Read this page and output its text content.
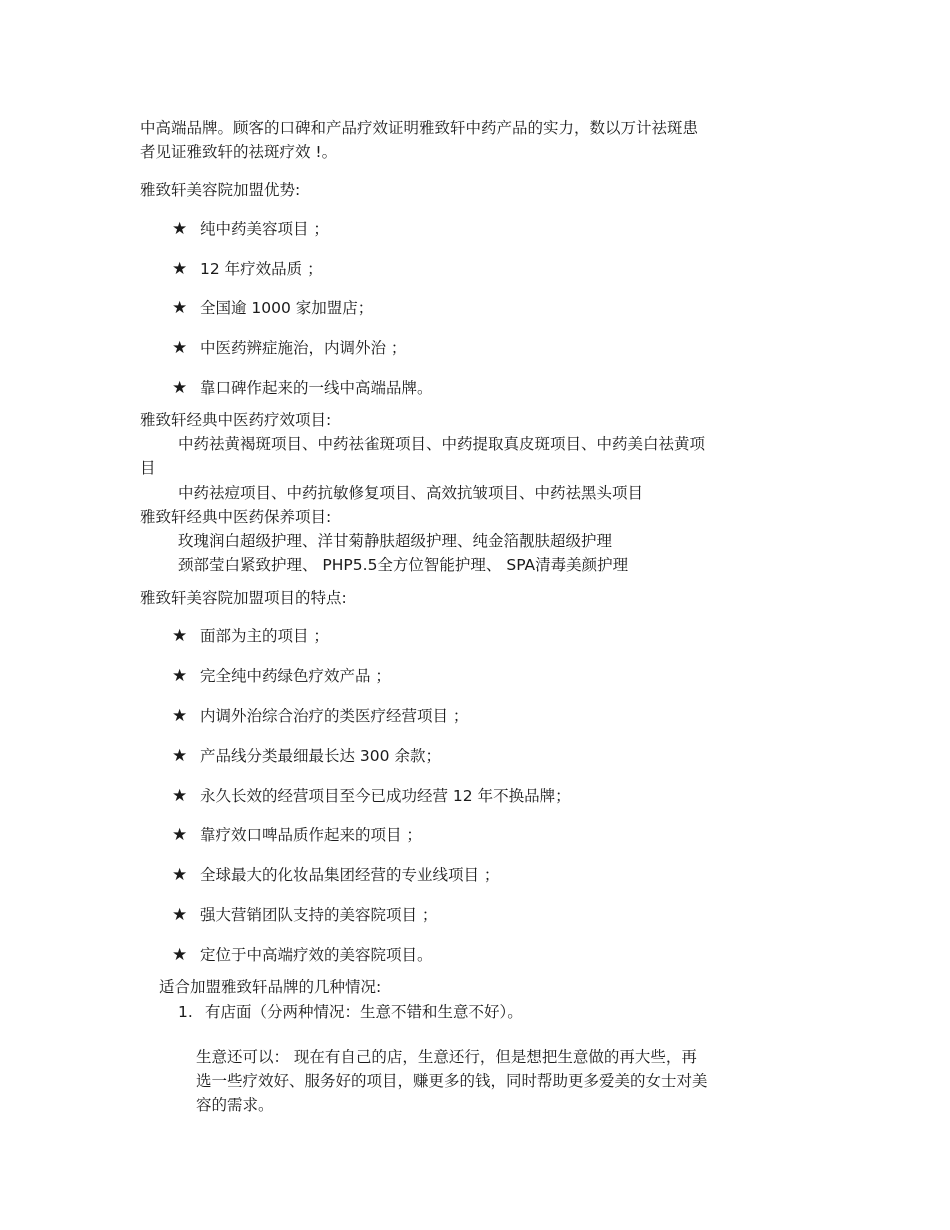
中高端品牌。顾客的口碑和产品疗效证明雅致轩中药产品的实力，数以万计祛斑患
者见证雅致轩的祛斑疗效 !。
雅致轩美容院加盟优势:
★ 纯中药美容项目 ；
★ 12 年疗效品质 ；
★ 全国逾 1000 家加盟店；
★ 中医药辨症施治，内调外治 ；
★ 靠口碑作起来的一线中高端品牌。
雅致轩经典中医药疗效项目:
中药祛黄褐斑项目、中药祛雀斑项目、中药提取真皮斑项目、中药美白祛黄项
目
中药祛痘项目、中药抗敏修复项目、高效抗皱项目、中药祛黑头项目
雅致轩经典中医药保养项目:
玫瑰润白超级护理、洋甘菊静肤超级护理、纯金箔靓肤超级护理
颈部莹白紧致护理、 PHP5.5全方位智能护理、 SPA清毒美颜护理
雅致轩美容院加盟项目的特点:
★ 面部为主的项目 ；
★ 完全纯中药绿色疗效产品 ；
★ 内调外治综合治疗的类医疗经营项目 ；
★ 产品线分类最细最长达 300 余款；
★ 永久长效的经营项目至今已成功经营 12 年不换品牌；
★ 靠疗效口啤品质作起来的项目 ；
★ 全球最大的化妆品集团经营的专业线项目 ；
★ 强大营销团队支持的美容院项目 ；
★ 定位于中高端疗效的美容院项目。
适合加盟雅致轩品牌的几种情况:
1. 有店面（分两种情况：生意不错和生意不好）。
生意还可以： 现在有自己的店，生意还行，但是想把生意做的再大些，再
选一些疗效好、服务好的项目，赚更多的钱，同时帮助更多爱美的女士对美
容的需求。
